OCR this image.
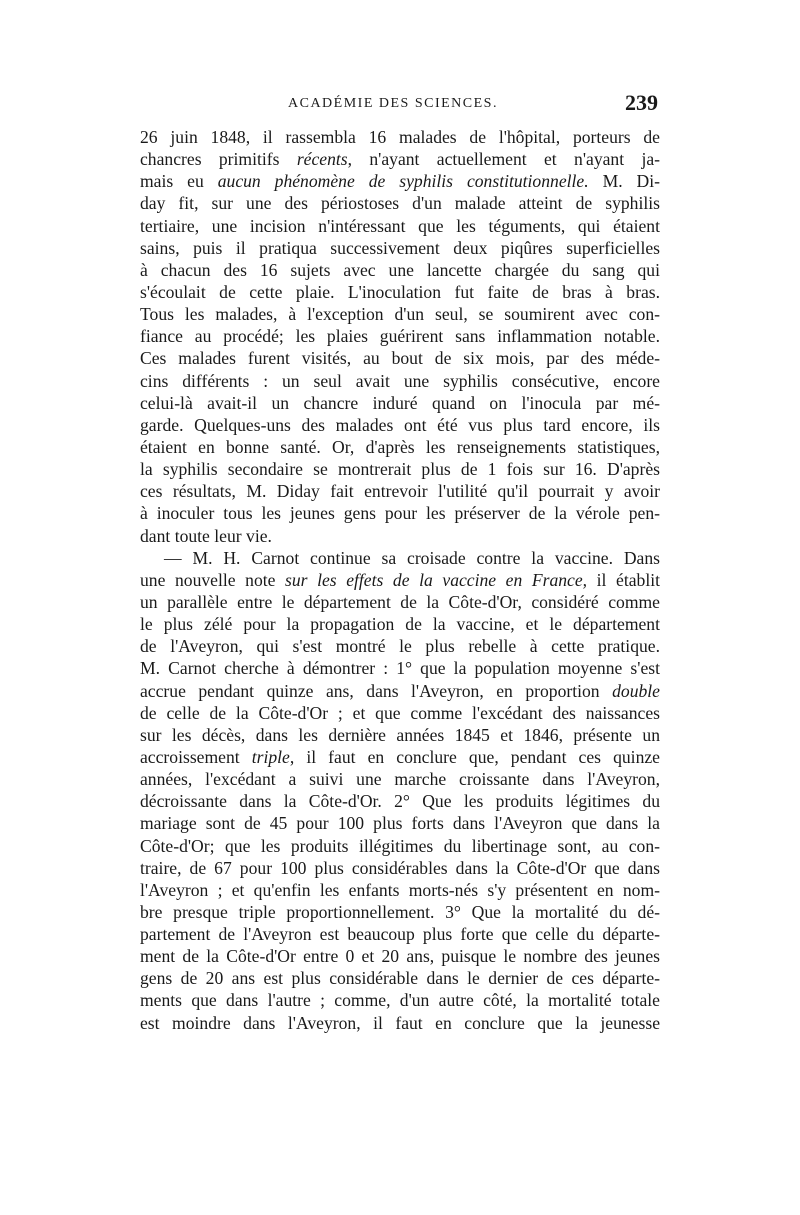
ACADÉMIE DES SCIENCES.	239
26 juin 1848, il rassembla 16 malades de l'hôpital, porteurs de
chancres primitifs récents, n'ayant actuellement et n'ayant ja-
mais eu aucun phénomène de syphilis constitutionnelle. M. Di-
day fit, sur une des périostoses d'un malade atteint de syphilis
tertiaire, une incision n'intéressant que les téguments, qui étaient
sains, puis il pratiqua successivement deux piqûres superficielles
à chacun des 16 sujets avec une lancette chargée du sang qui
s'écoulait de cette plaie. L'inoculation fut faite de bras à bras.
Tous les malades, à l'exception d'un seul, se soumirent avec con-
fiance au procédé; les plaies guérirent sans inflammation notable.
Ces malades furent visités, au bout de six mois, par des méde-
cins différents : un seul avait une syphilis consécutive, encore
celui-là avait-il un chancre induré quand on l'inocula par mé-
garde. Quelques-uns des malades ont été vus plus tard encore, ils
étaient en bonne santé. Or, d'après les renseignements statistiques,
la syphilis secondaire se montrerait plus de 1 fois sur 16. D'après
ces résultats, M. Diday fait entrevoir l'utilité qu'il pourrait y avoir
à inoculer tous les jeunes gens pour les préserver de la vérole pen-
dant toute leur vie.
— M. H. Carnot continue sa croisade contre la vaccine. Dans
une nouvelle note sur les effets de la vaccine en France, il établit
un parallèle entre le département de la Côte-d'Or, considéré comme
le plus zélé pour la propagation de la vaccine, et le département
de l'Aveyron, qui s'est montré le plus rebelle à cette pratique.
M. Carnot cherche à démontrer : 1° que la population moyenne s'est
accrue pendant quinze ans, dans l'Aveyron, en proportion double
de celle de la Côte-d'Or ; et que comme l'excédant des naissances
sur les décès, dans les dernière années 1845 et 1846, présente un
accroissement triple, il faut en conclure que, pendant ces quinze
années, l'excédant a suivi une marche croissante dans l'Aveyron,
décroissante dans la Côte-d'Or. 2° Que les produits légitimes du
mariage sont de 45 pour 100 plus forts dans l'Aveyron que dans la
Côte-d'Or; que les produits illégitimes du libertinage sont, au con-
traire, de 67 pour 100 plus considérables dans la Côte-d'Or que dans
l'Aveyron ; et qu'enfin les enfants morts-nés s'y présentent en nom-
bre presque triple proportionnellement. 3° Que la mortalité du dé-
partement de l'Aveyron est beaucoup plus forte que celle du départe-
ment de la Côte-d'Or entre 0 et 20 ans, puisque le nombre des jeunes
gens de 20 ans est plus considérable dans le dernier de ces départe-
ments que dans l'autre ; comme, d'un autre côté, la mortalité totale
est moindre dans l'Aveyron, il faut en conclure que la jeunesse
